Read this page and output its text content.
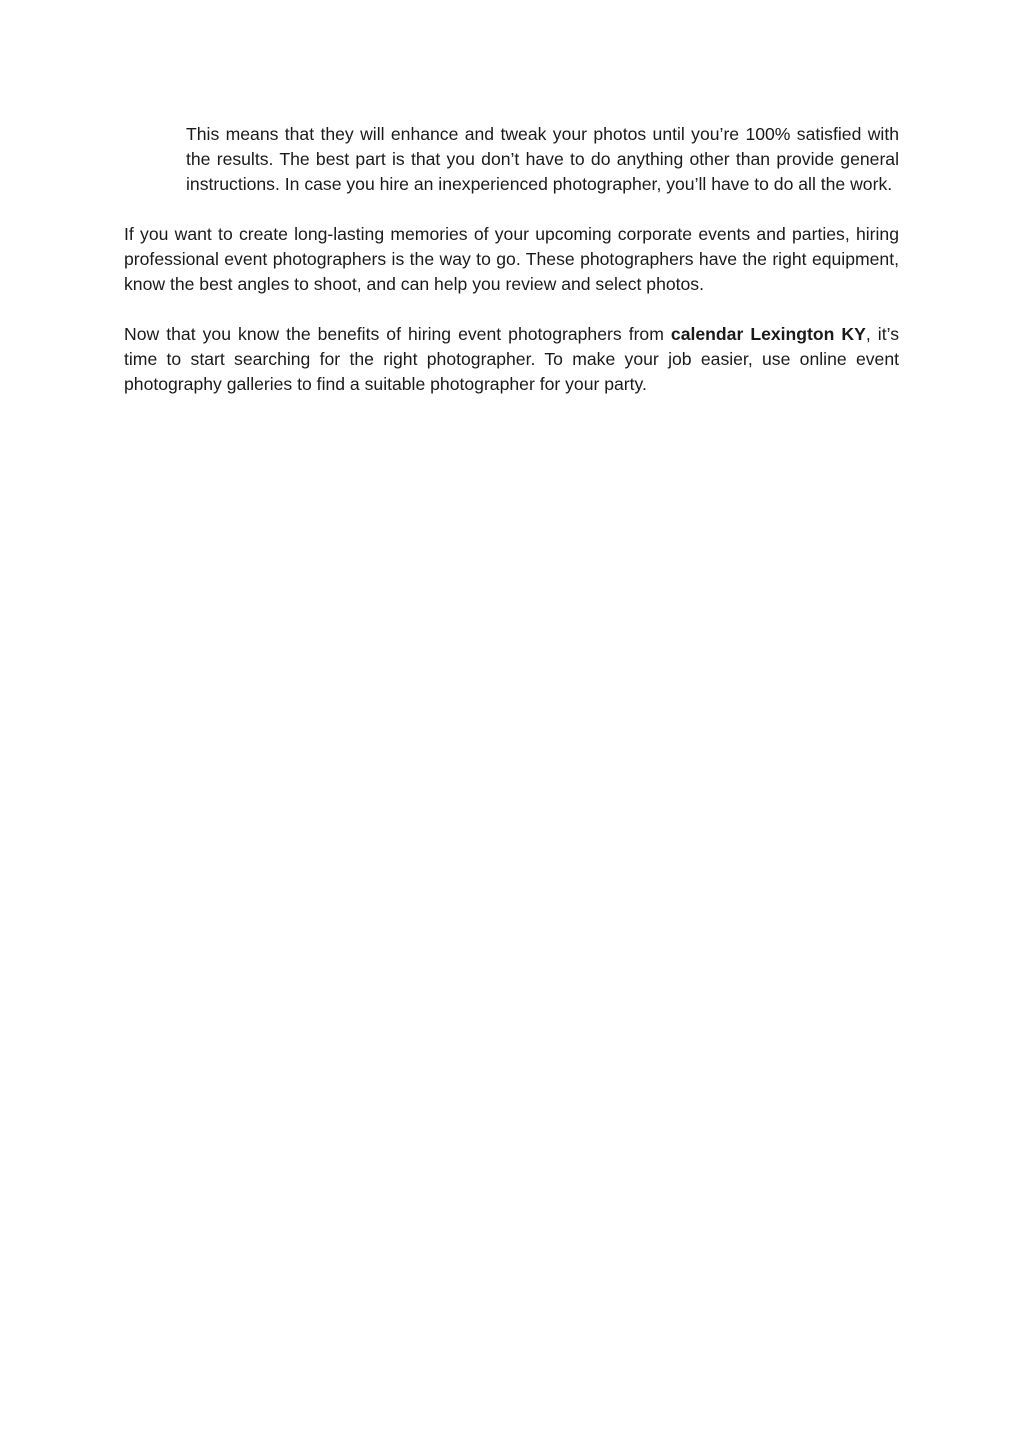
This means that they will enhance and tweak your photos until you’re 100% satisfied with the results. The best part is that you don’t have to do anything other than provide general instructions. In case you hire an inexperienced photographer, you’ll have to do all the work.

If you want to create long-lasting memories of your upcoming corporate events and parties, hiring professional event photographers is the way to go. These photographers have the right equipment, know the best angles to shoot, and can help you review and select photos.

Now that you know the benefits of hiring event photographers from calendar Lexington KY, it’s time to start searching for the right photographer. To make your job easier, use online event photography galleries to find a suitable photographer for your party.
